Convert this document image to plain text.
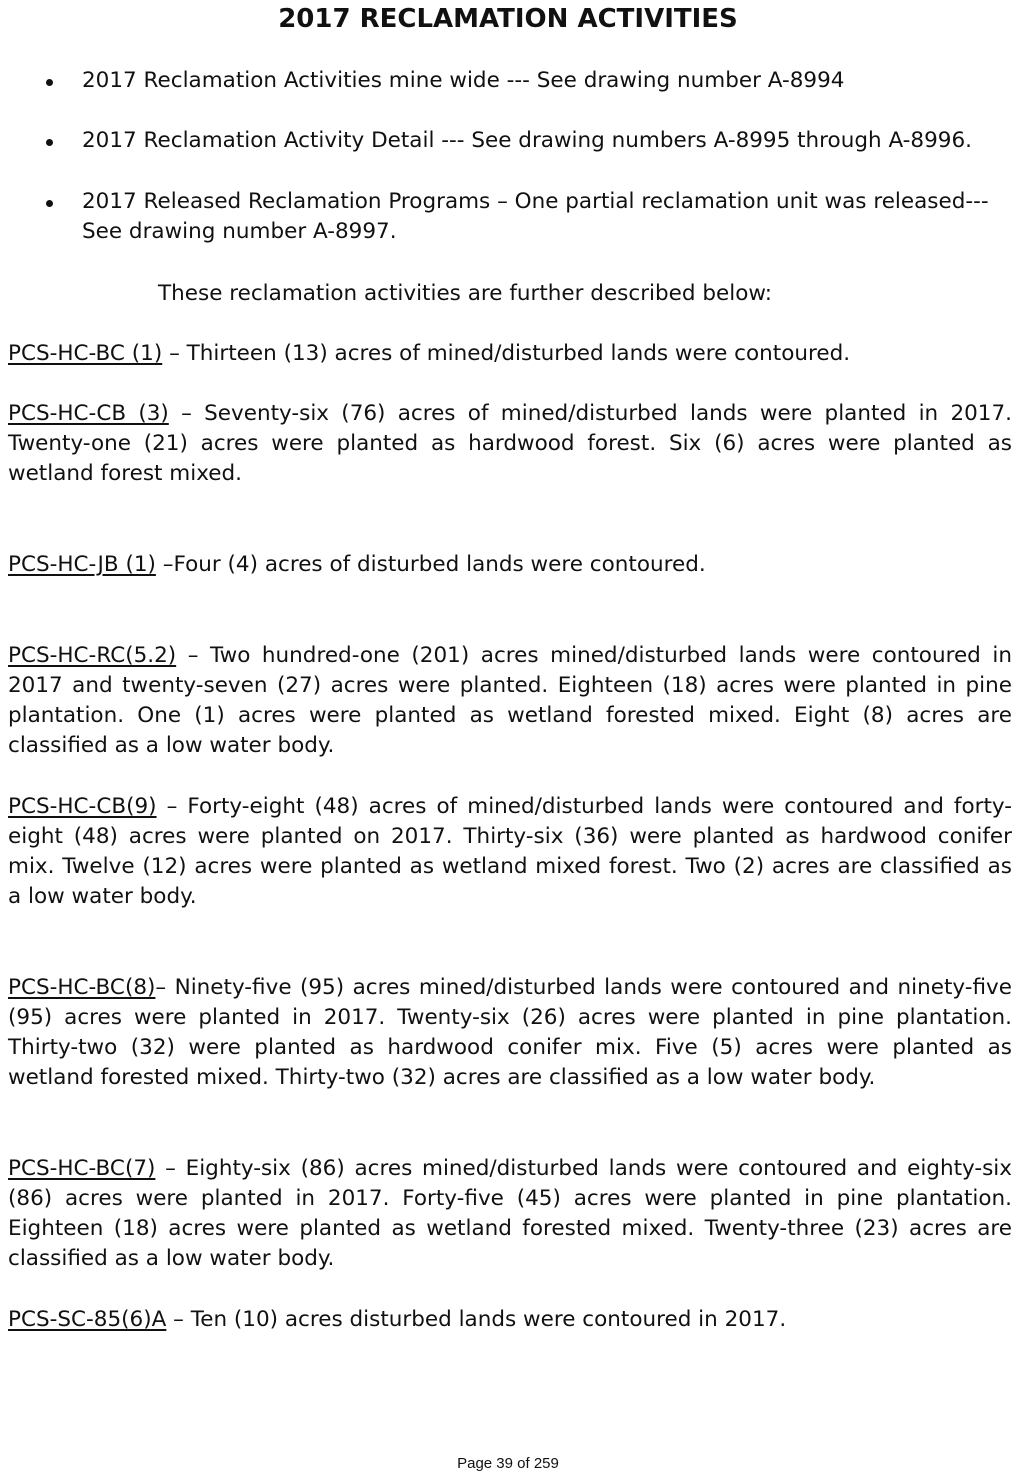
2017 RECLAMATION ACTIVITIES
2017 Reclamation Activities mine wide --- See drawing number A-8994
2017 Reclamation Activity Detail --- See drawing numbers A-8995 through A-8996.
2017 Released Reclamation Programs – One partial reclamation unit was released---See drawing number A-8997.
These reclamation activities are further described below:
PCS-HC-BC (1) – Thirteen (13) acres of mined/disturbed lands were contoured.
PCS-HC-CB (3) – Seventy-six (76) acres of mined/disturbed lands were planted in 2017. Twenty-one (21) acres were planted as hardwood forest. Six (6) acres were planted as wetland forest mixed.
PCS-HC-JB (1) –Four (4) acres of disturbed lands were contoured.
PCS-HC-RC(5.2) – Two hundred-one (201) acres mined/disturbed lands were contoured in 2017 and twenty-seven (27) acres were planted. Eighteen (18) acres were planted in pine plantation. One (1) acres were planted as wetland forested mixed. Eight (8) acres are classified as a low water body.
PCS-HC-CB(9) – Forty-eight (48) acres of mined/disturbed lands were contoured and forty-eight (48) acres were planted on 2017. Thirty-six (36) were planted as hardwood conifer mix. Twelve (12) acres were planted as wetland mixed forest. Two (2) acres are classified as a low water body.
PCS-HC-BC(8)– Ninety-five (95) acres mined/disturbed lands were contoured and ninety-five (95) acres were planted in 2017. Twenty-six (26) acres were planted in pine plantation. Thirty-two (32) were planted as hardwood conifer mix. Five (5) acres were planted as wetland forested mixed. Thirty-two (32) acres are classified as a low water body.
PCS-HC-BC(7) – Eighty-six (86) acres mined/disturbed lands were contoured and eighty-six (86) acres were planted in 2017. Forty-five (45) acres were planted in pine plantation. Eighteen (18) acres were planted as wetland forested mixed. Twenty-three (23) acres are classified as a low water body.
PCS-SC-85(6)A – Ten (10) acres disturbed lands were contoured in 2017.
Page 39 of 259
